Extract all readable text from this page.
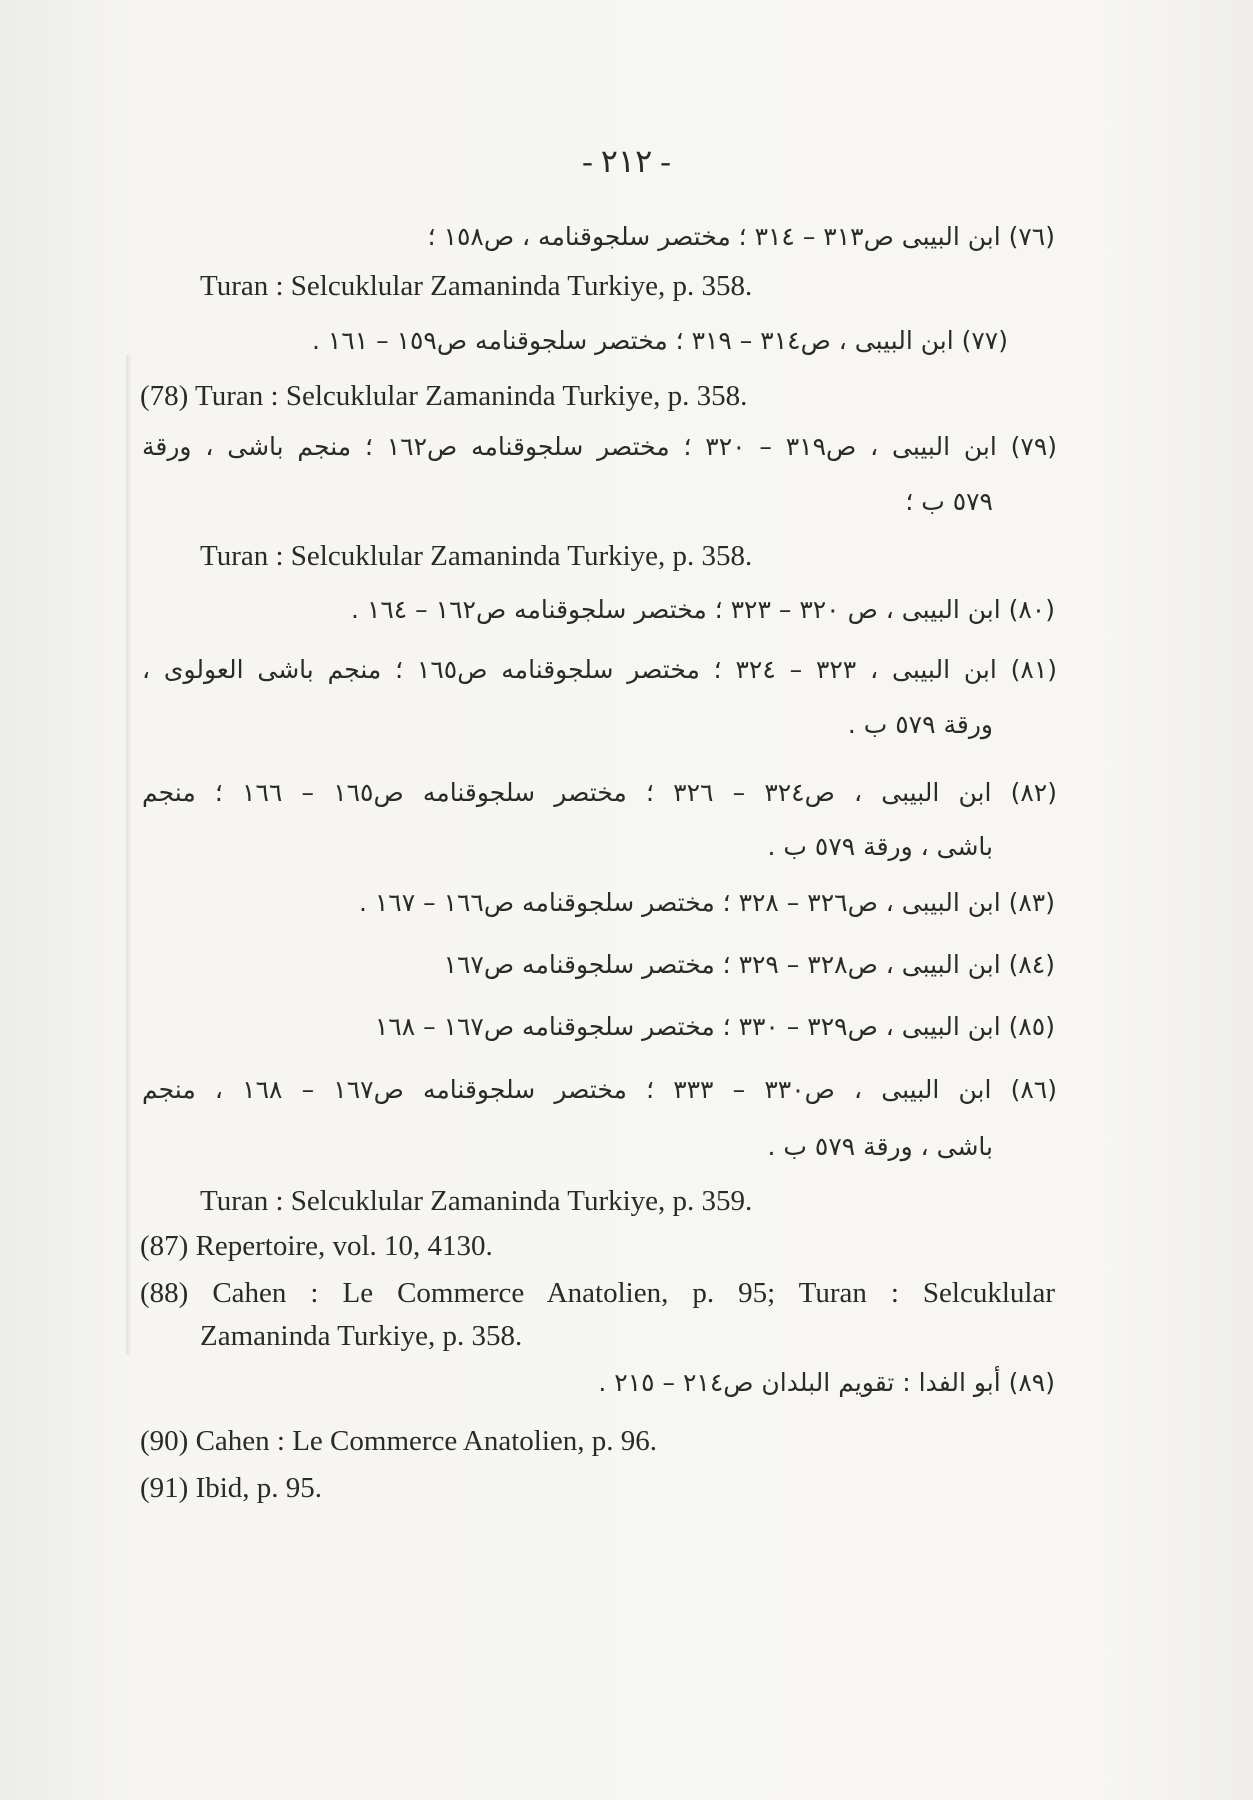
- ٢١٢ -
(٧٦) ابن البيبى ص٣١٣ – ٣١٤ ؛ مختصر سلجوقنامه ، ص١٥٨ ؛
Turan : Selcuklular Zamaninda Turkiye, p. 358.
(٧٧) ابن البيبى ، ص٣١٤ – ٣١٩ ؛ مختصر سلجوقنامه ص١٥٩ – ١٦١ .
(78) Turan : Selcuklular Zamaninda Turkiye, p. 358.
(٧٩) ابن البيبى ، ص٣١٩ – ٣٢٠ ؛ مختصر سلجوقنامه ص١٦٢ ؛ منجم باشى ، ورقة
٥٧٩ ب ؛
Turan : Selcuklular Zamaninda Turkiye, p. 358.
(٨٠) ابن البيبى ، ص ٣٢٠ – ٣٢٣ ؛ مختصر سلجوقنامه ص١٦٢ – ١٦٤ .
(٨١) ابن البيبى ، ٣٢٣ – ٣٢٤ ؛ مختصر سلجوقنامه ص١٦٥ ؛ منجم باشى العولوى ،
ورقة ٥٧٩ ب .
(٨٢) ابن البيبى ، ص٣٢٤ – ٣٢٦ ؛ مختصر سلجوقنامه ص١٦٥ – ١٦٦ ؛ منجم
باشى ، ورقة ٥٧٩ ب .
(٨٣) ابن البيبى ، ص٣٢٦ – ٣٢٨ ؛ مختصر سلجوقنامه ص١٦٦ – ١٦٧ .
(٨٤) ابن البيبى ، ص٣٢٨ – ٣٢٩ ؛ مختصر سلجوقنامه ص١٦٧
(٨٥) ابن البيبى ، ص٣٢٩ – ٣٣٠ ؛ مختصر سلجوقنامه ص١٦٧ – ١٦٨
(٨٦) ابن البيبى ، ص٣٣٠ – ٣٣٣ ؛ مختصر سلجوقنامه ص١٦٧ – ١٦٨ ، منجم
باشى ، ورقة ٥٧٩ ب .
Turan : Selcuklular Zamaninda Turkiye, p. 359.
(87) Repertoire, vol. 10, 4130.
(88) Cahen : Le Commerce Anatolien, p. 95; Turan : Selcuklular
Zamaninda Turkiye, p. 358.
(٨٩) أبو الفدا : تقويم البلدان ص٢١٤ – ٢١٥ .
(90) Cahen : Le Commerce Anatolien, p. 96.
(91) Ibid, p. 95.
